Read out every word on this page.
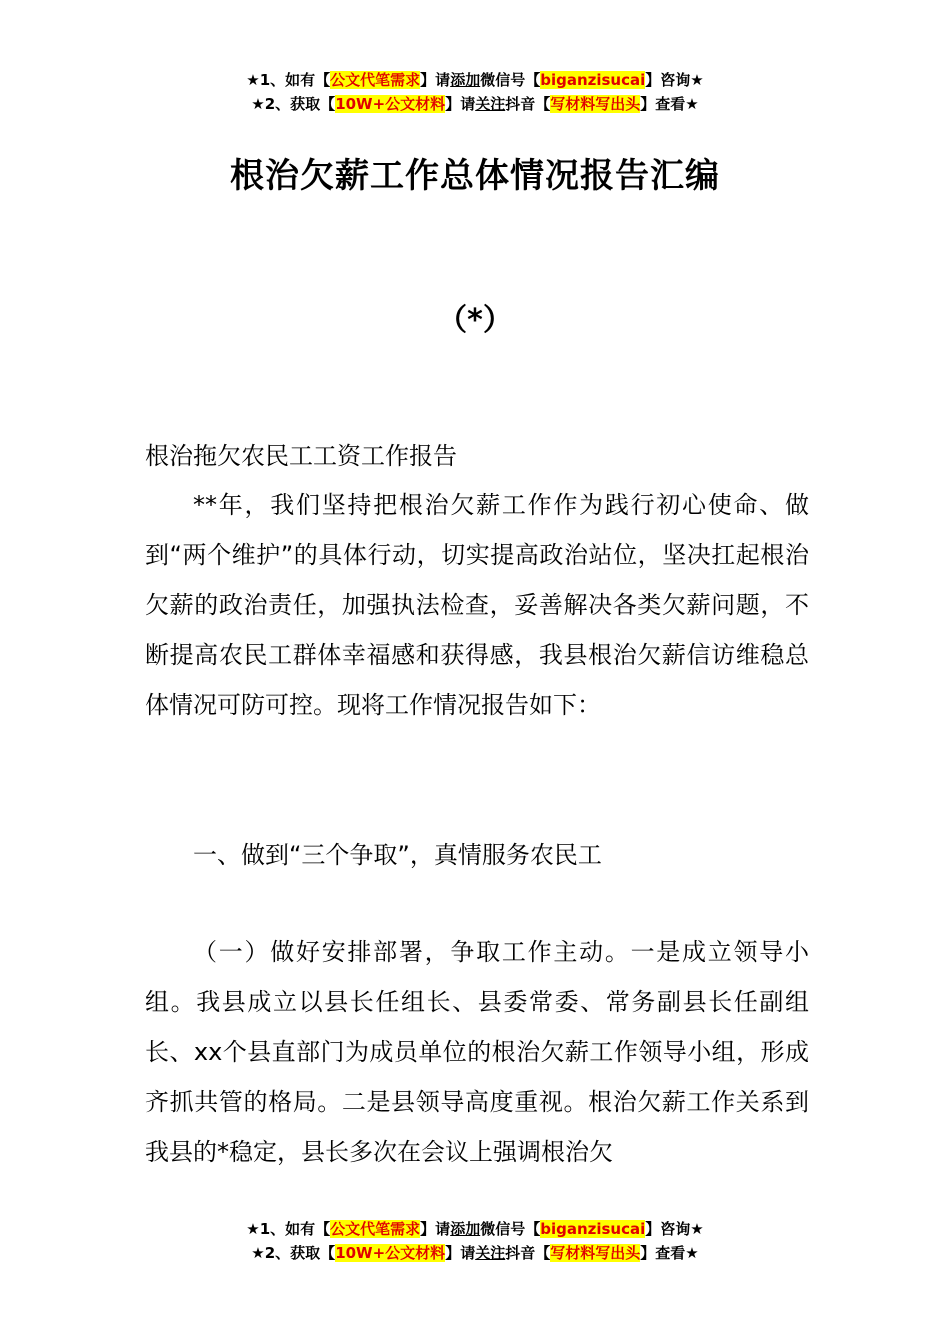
★1、如有【公文代笔需求】请添加微信号【biganzisucai】咨询★
★2、获取【10W+公文材料】请关注抖音【写材料写出头】查看★
根治欠薪工作总体情况报告汇编
（*）
根治拖欠农民工工资工作报告
**年，我们坚持把根治欠薪工作作为践行初心使命、做到“两个维护”的具体行动，切实提高政治站位，坚决扛起根治欠薪的政治责任，加强执法检查，妥善解决各类欠薪问题，不断提高农民工群体幸福感和获得感，我县根治欠薪信访维稳总体情况可防可控。现将工作情况报告如下：
一、做到“三个争取”，真情服务农民工
（一）做好安排部署，争取工作主动。一是成立领导小组。我县成立以县长任组长、县委常委、常务副县长任副组长、xx个县直部门为成员单位的根治欠薪工作领导小组，形成齐抓共管的格局。二是县领导高度重视。根治欠薪工作关系到我县的*稳定，县长多次在会议上强调根治欠
★1、如有【公文代笔需求】请添加微信号【biganzisucai】咨询★
★2、获取【10W+公文材料】请关注抖音【写材料写出头】查看★
